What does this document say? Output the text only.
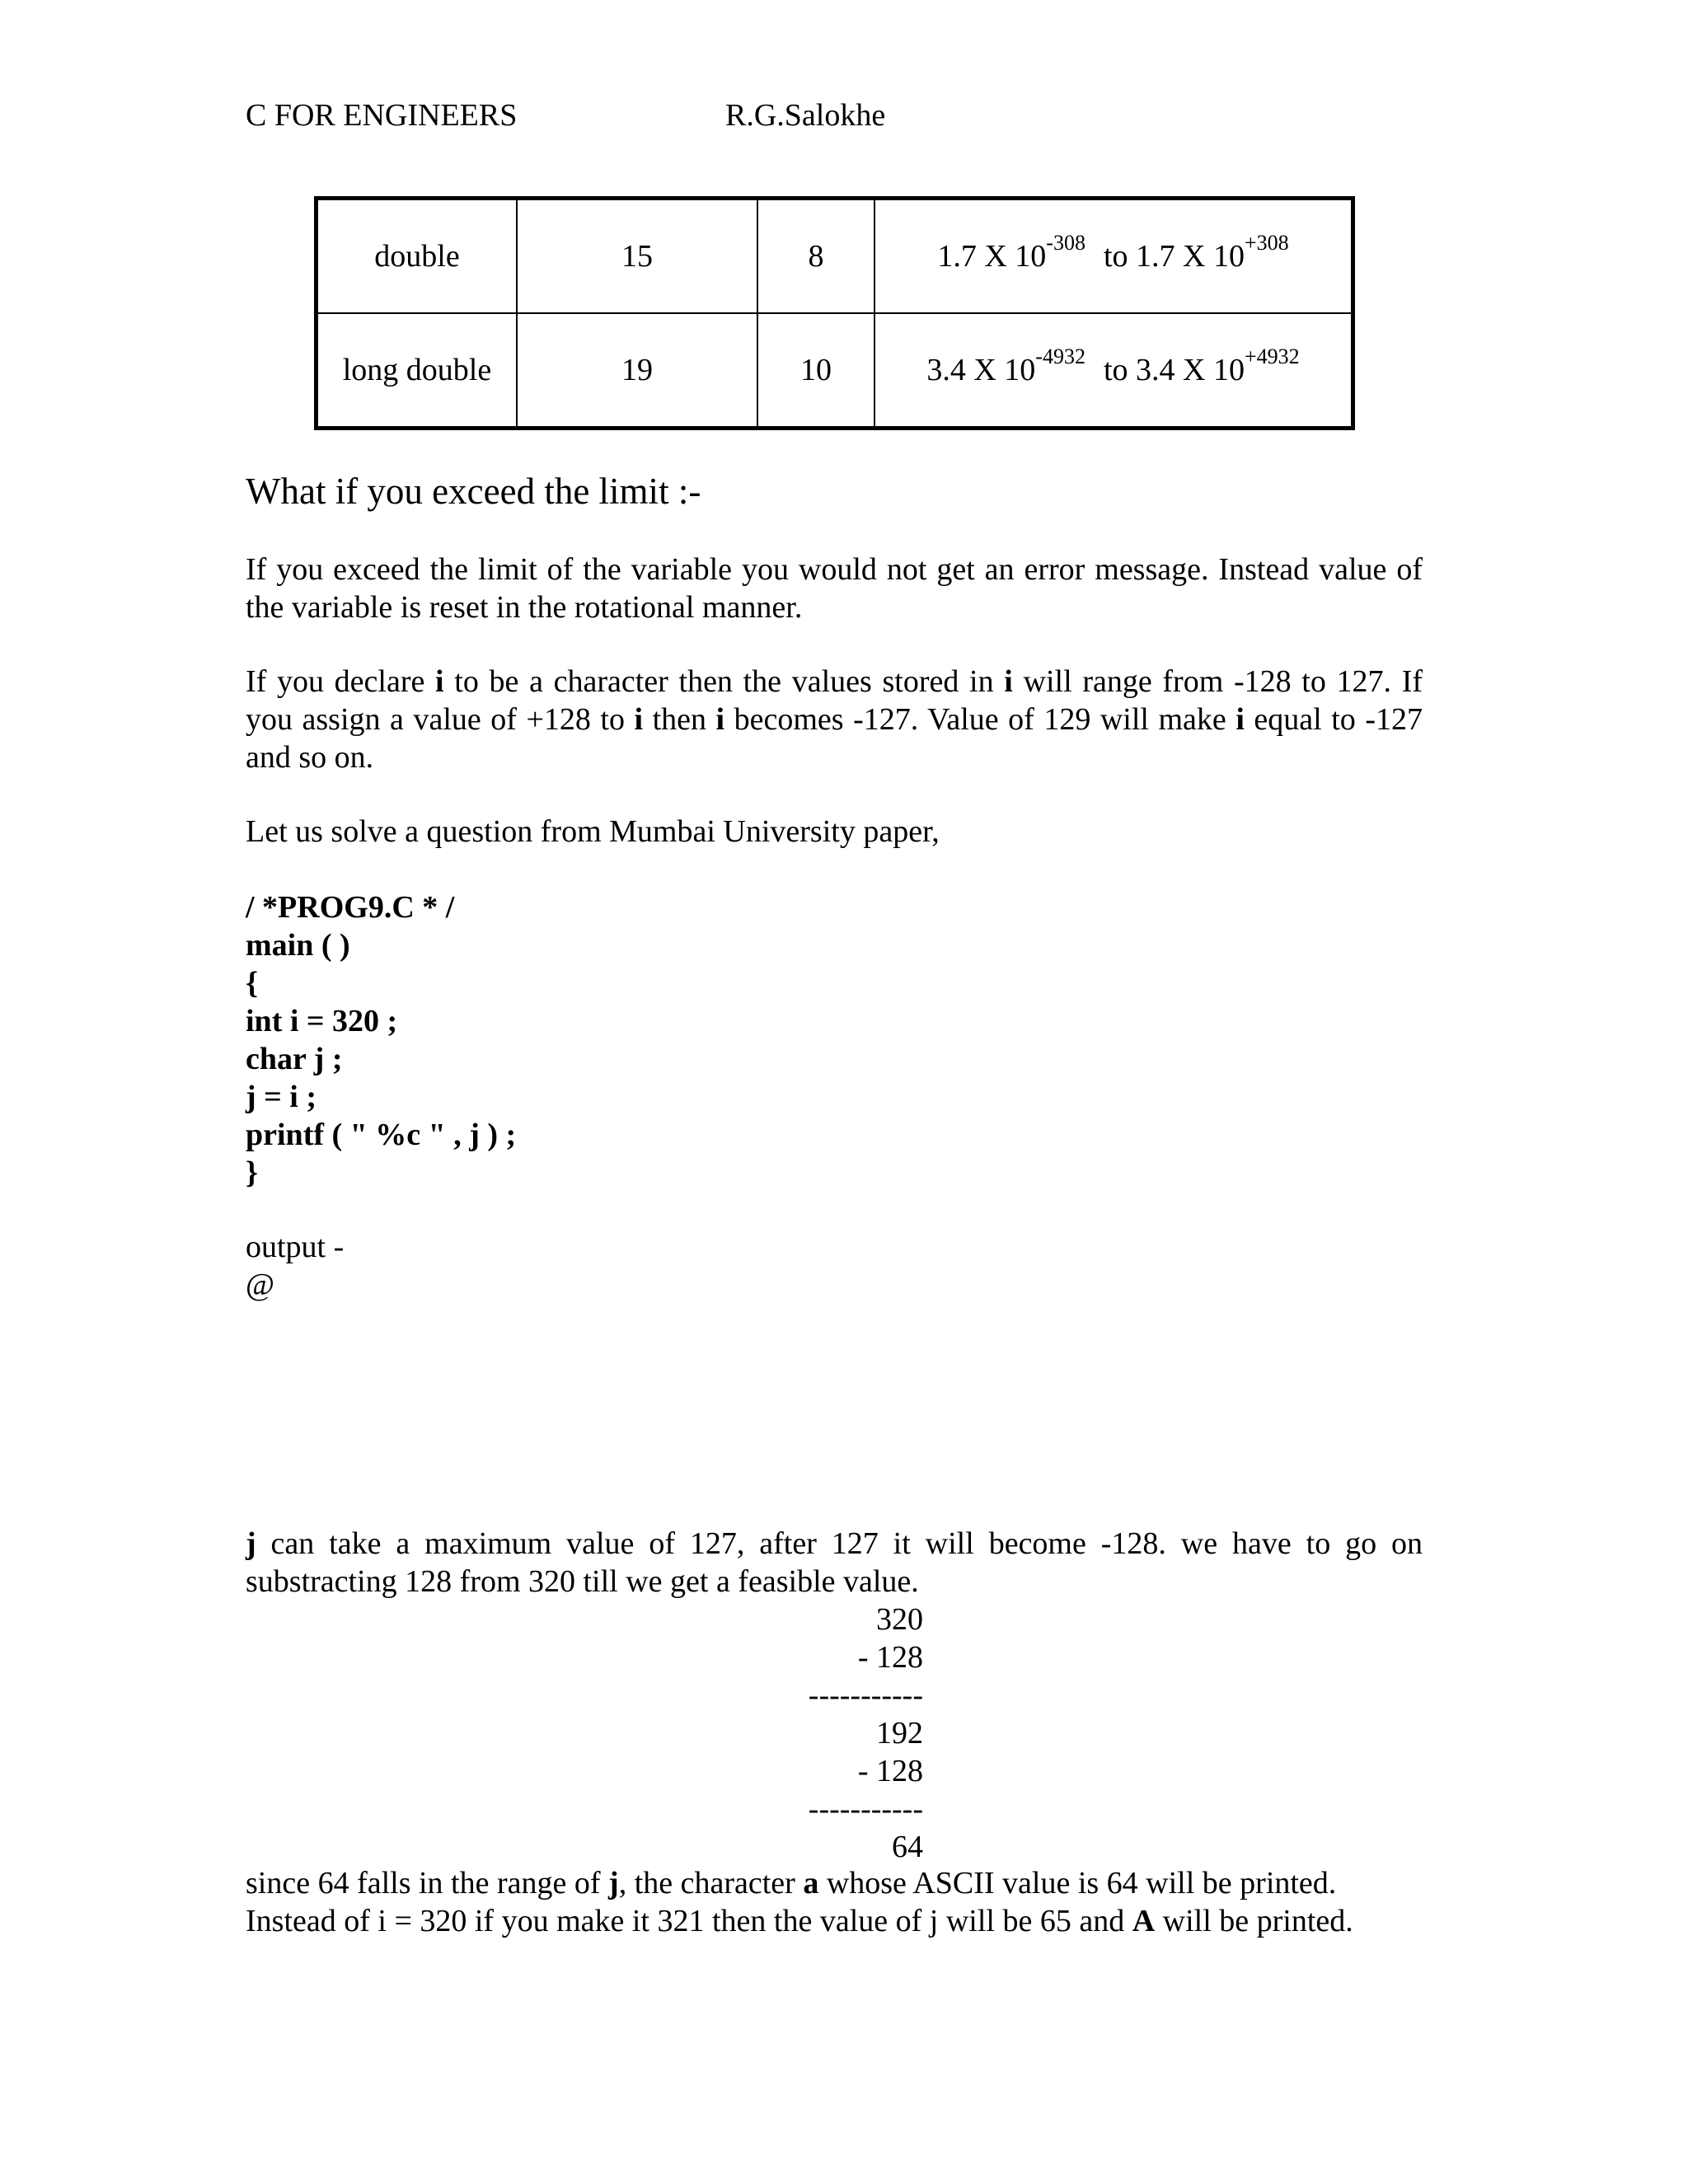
C FOR ENGINEERS	R.G.Salokhe
double	15	8	1.7 X $10^{-308}$ to 1.7 X $10^{+308}$
long double	19	10	3.4 X $10^{-4932}$ to 3.4 X $10^{+4932}$
What if you exceed the limit :-
If you exceed the limit of the variable you would not get an error message. Instead value of the variable is reset in the rotational manner.
If you declare i to be a character then the values stored in i will range from -128 to 127. If you assign a value of +128 to i then i becomes -127. Value of 129 will make i equal to -127 and so on.
Let us solve a question from Mumbai University paper,
/ *PROG9.C * /
main ( )
{
int i = 320 ;
char j ;
j = i ;
printf ( " %c " , j ) ;
}
output -
@
j can take a maximum value of 127, after 127 it will become -128. we have to go on substracting 128 from 320 till we get a feasible value.
320
- 128
-----------
192
- 128
-----------
64
since 64 falls in the range of j, the character a whose ASCII value is 64 will be printed.
Instead of i = 320 if you make it 321 then the value of j will be 65 and A will be printed.
